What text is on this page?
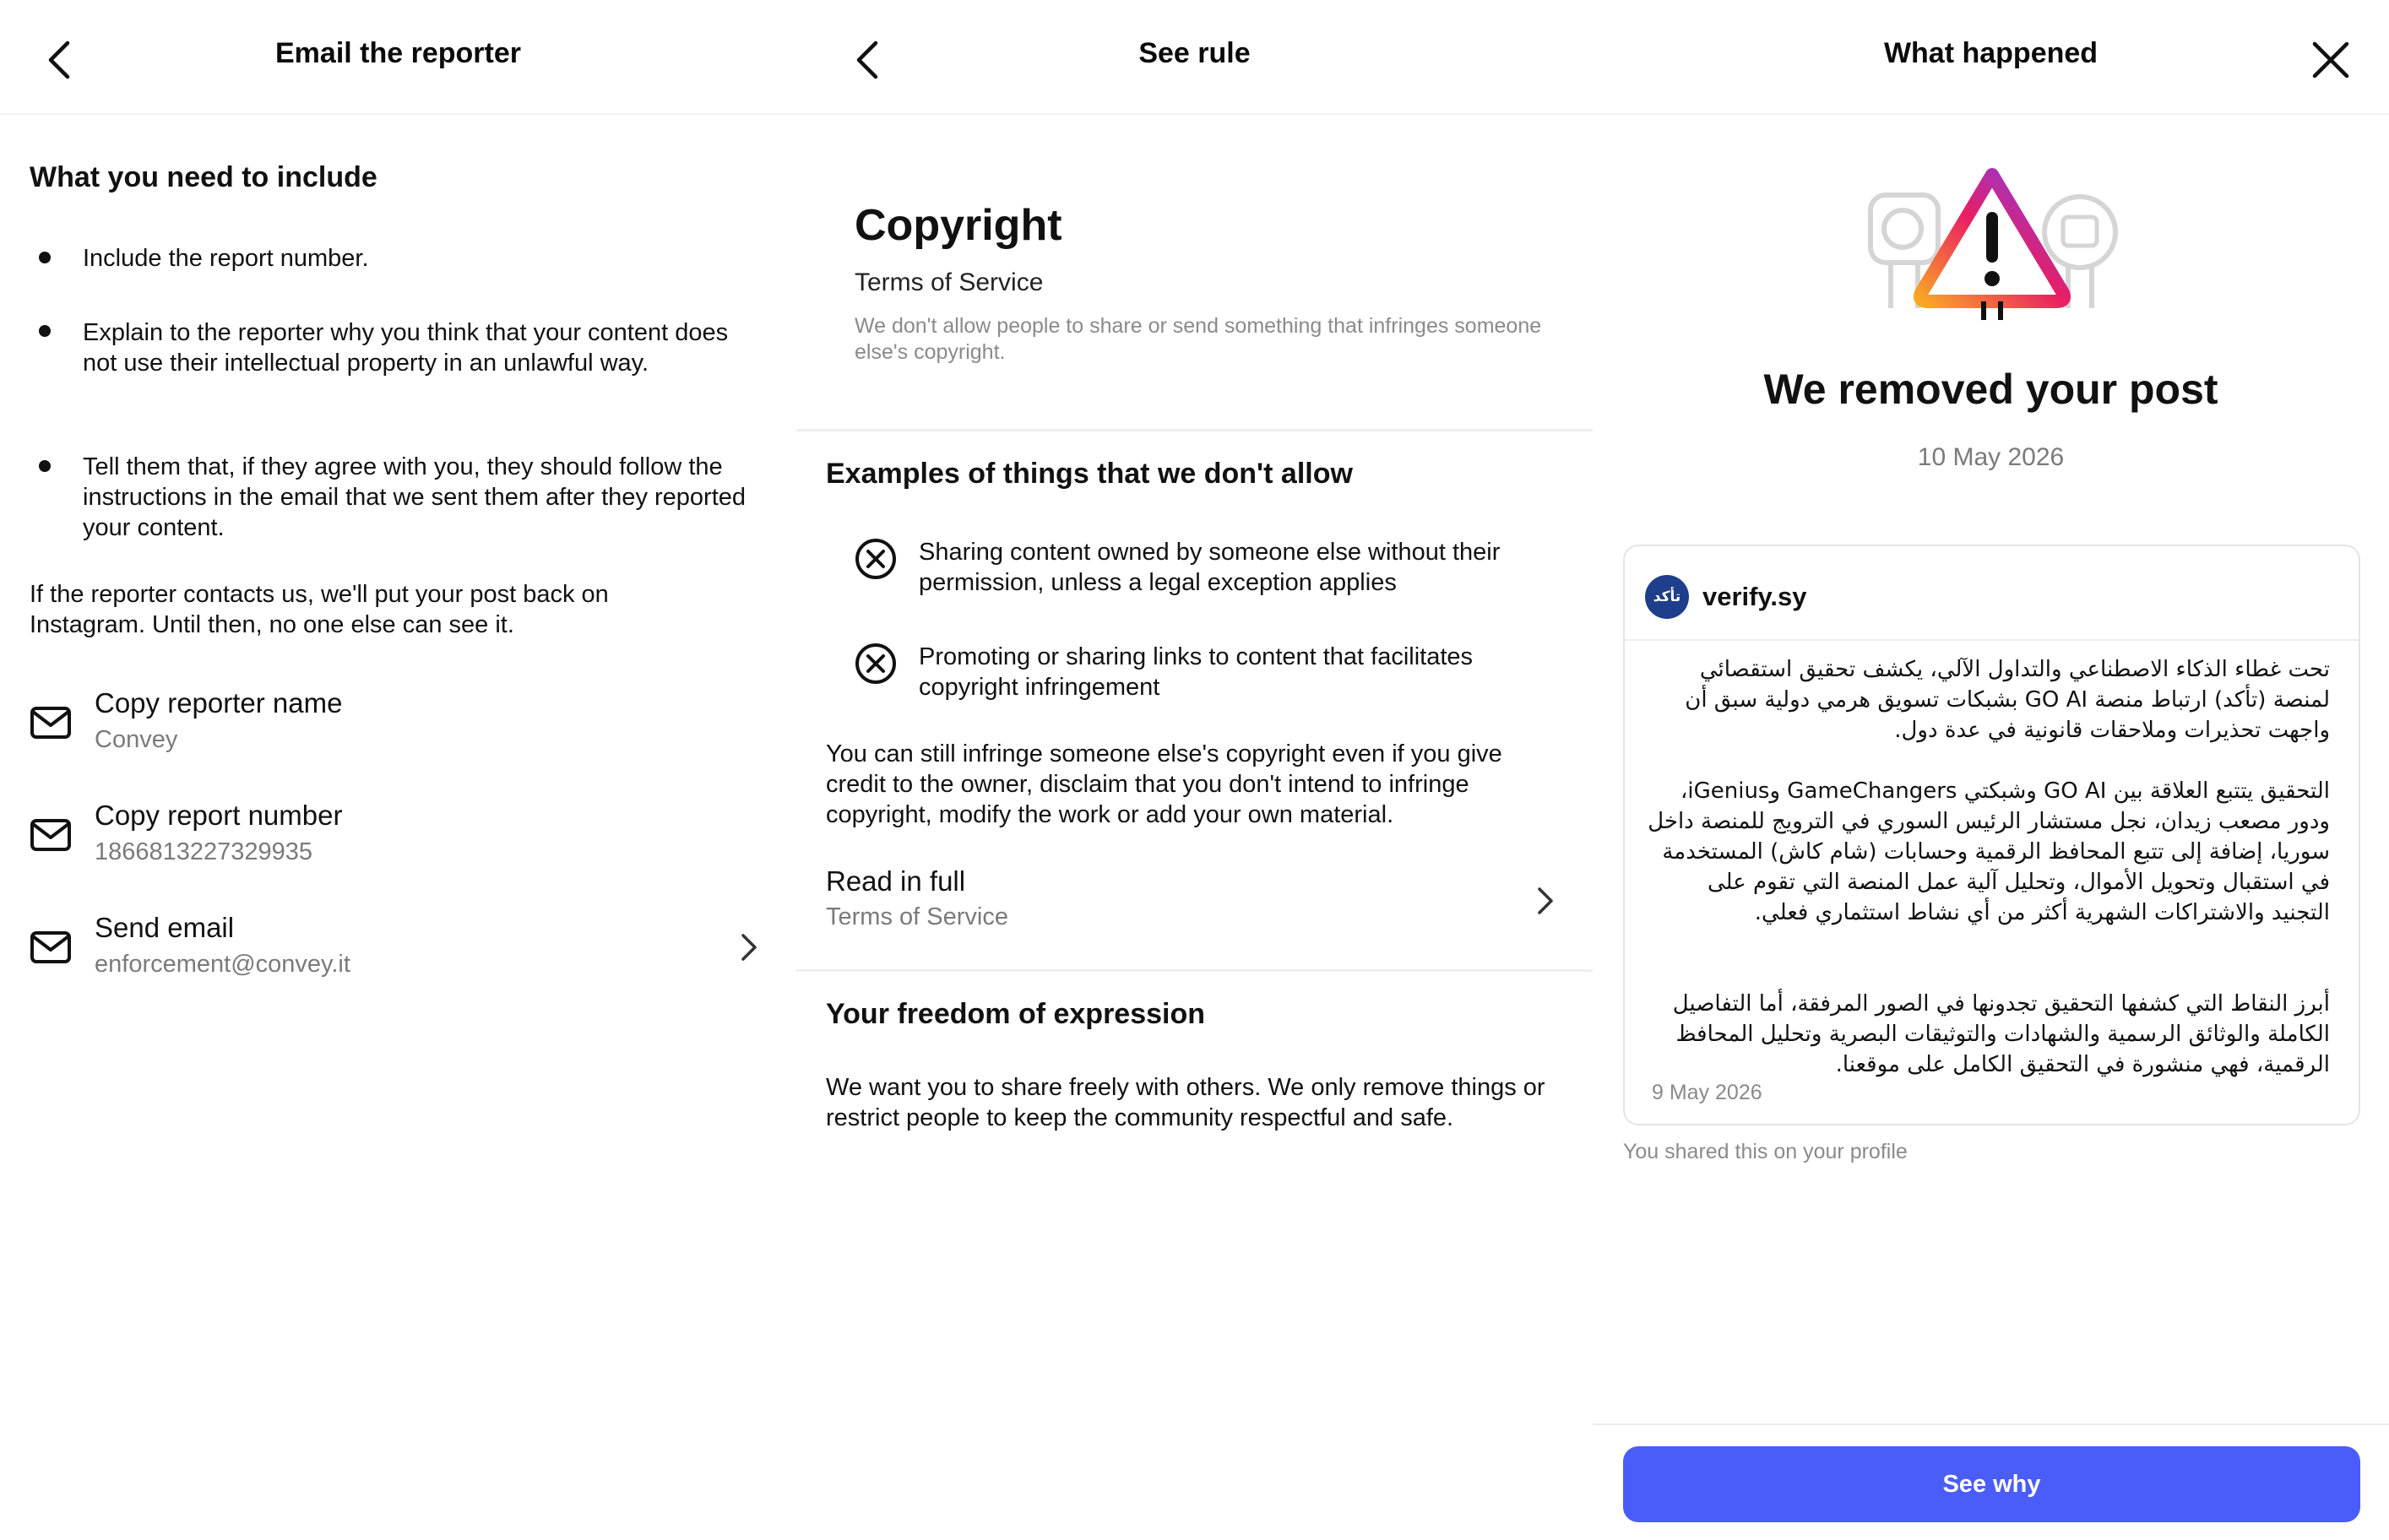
Email the reporter
What you need to include
Include the report number.
Explain to the reporter why you think that your content does not use their intellectual property in an unlawful way.
Tell them that, if they agree with you, they should follow the instructions in the email that we sent them after they reported your content.
If the reporter contacts us, we'll put your post back on Instagram. Until then, no one else can see it.
Copy reporter name
Convey
Copy report number
1866813227329935
Send email
enforcement@convey.it
See rule
Copyright
Terms of Service
We don't allow people to share or send something that infringes someone else's copyright.
Examples of things that we don't allow
Sharing content owned by someone else without their permission, unless a legal exception applies
Promoting or sharing links to content that facilitates copyright infringement
You can still infringe someone else's copyright even if you give credit to the owner, disclaim that you don't intend to infringe copyright, modify the work or add your own material.
Read in full
Terms of Service
Your freedom of expression
We want you to share freely with others. We only remove things or restrict people to keep the community respectful and safe.
What happened
We removed your post
10 May 2026
تأكد verify.sy
تحت غطاء الذكاء الاصطناعي والتداول الآلي، يكشف تحقيق استقصائي لمنصة (تأكد) ارتباط منصة GO AI بشبكات تسويق هرمي دولية سبق أن واجهت تحذيرات وملاحقات قانونية في عدة دول.
التحقيق يتتبع العلاقة بين GO AI وشبكتي GameChangers وiGenius، ودور مصعب زيدان، نجل مستشار الرئيس السوري في الترويج للمنصة داخل سوريا، إضافة إلى تتبع المحافظ الرقمية وحسابات (شام كاش) المستخدمة في استقبال وتحويل الأموال، وتحليل آلية عمل المنصة التي تقوم على التجنيد والاشتراكات الشهرية أكثر من أي نشاط استثماري فعلي.
أبرز النقاط التي كشفها التحقيق تجدونها في الصور المرفقة، أما التفاصيل الكاملة والوثائق الرسمية والشهادات والتوثيقات البصرية وتحليل المحافظ الرقمية، فهي منشورة في التحقيق الكامل على موقعنا.
9 May 2026
You shared this on your profile
See why
